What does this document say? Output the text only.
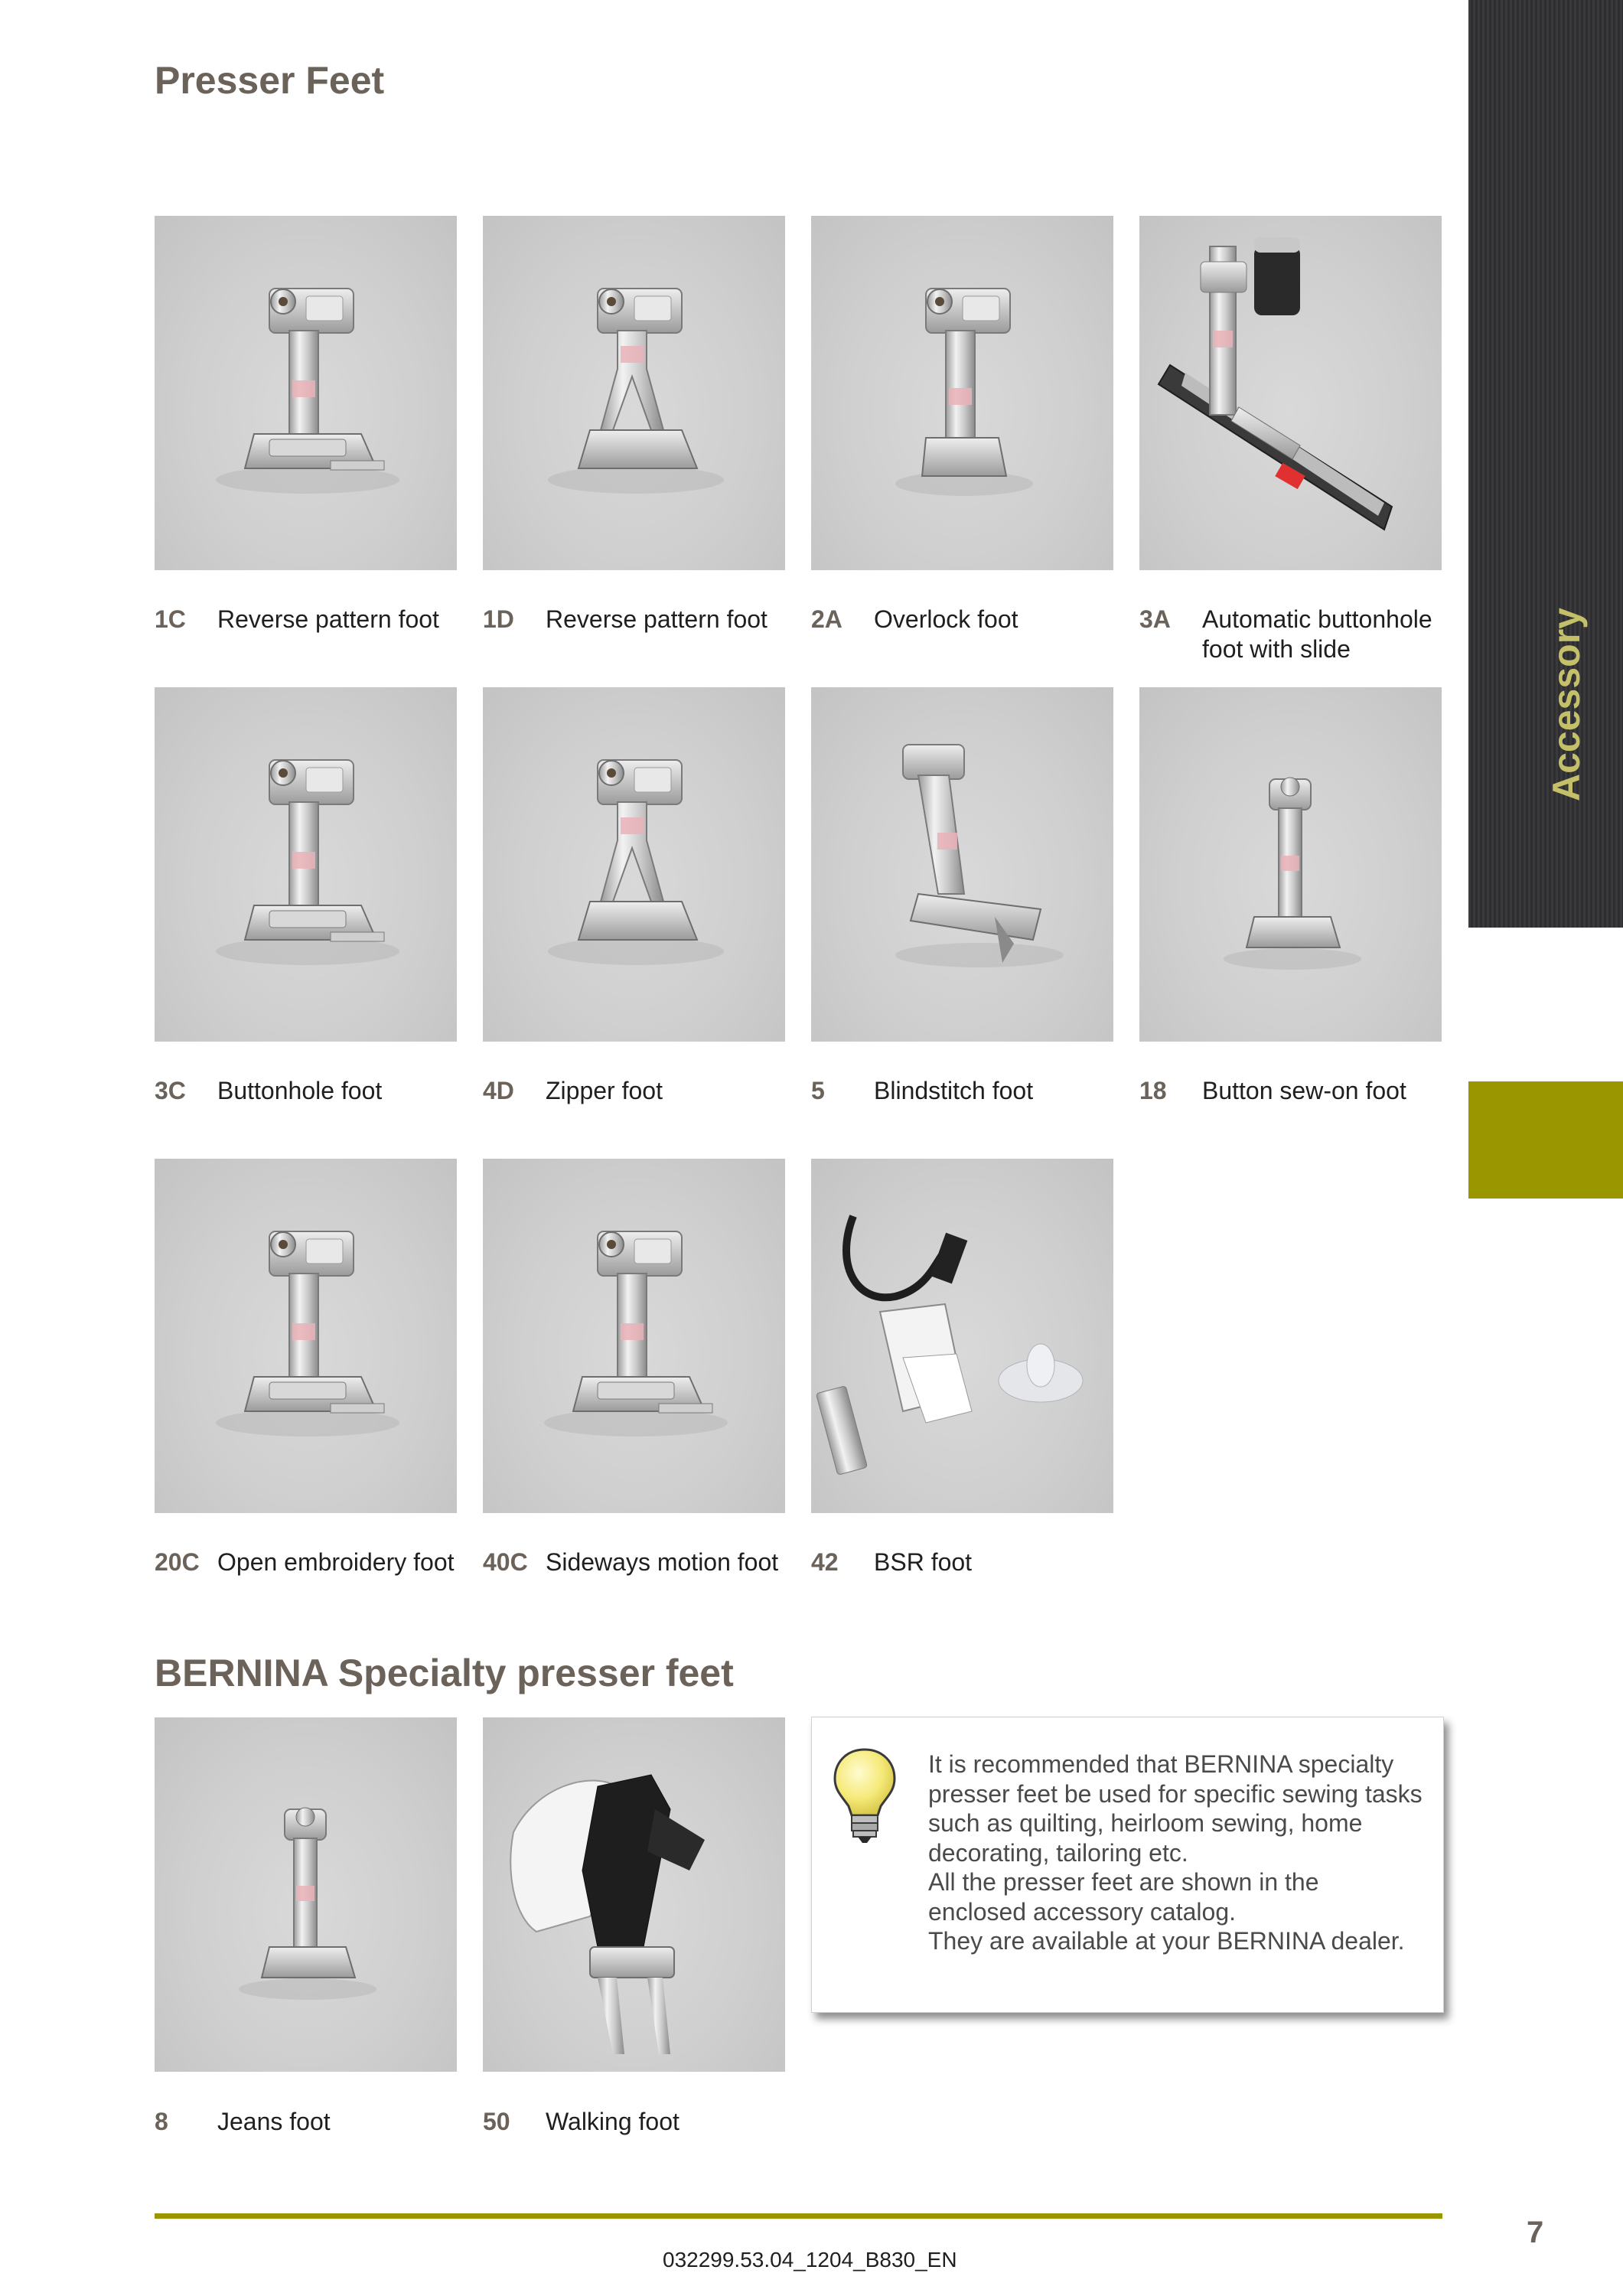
Presser Feet
1C Reverse pattern foot	1D Reverse pattern foot	2A Overlock foot	3A Automatic buttonhole foot with slide
3C Buttonhole foot	4D Zipper foot	5 Blindstitch foot	18 Button sew-on foot
20C Open embroidery foot	40C Sideways motion foot	42 BSR foot
BERNINA Specialty presser feet
8 Jeans foot	50 Walking foot
It is recommended that BERNINA specialty
presser feet be used for specific sewing tasks
such as quilting, heirloom sewing, home
decorating, tailoring etc.
All the presser feet are shown in the
enclosed accessory catalog.
They are available at your BERNINA dealer.
Accessory
7
032299.53.04_1204_B830_EN
